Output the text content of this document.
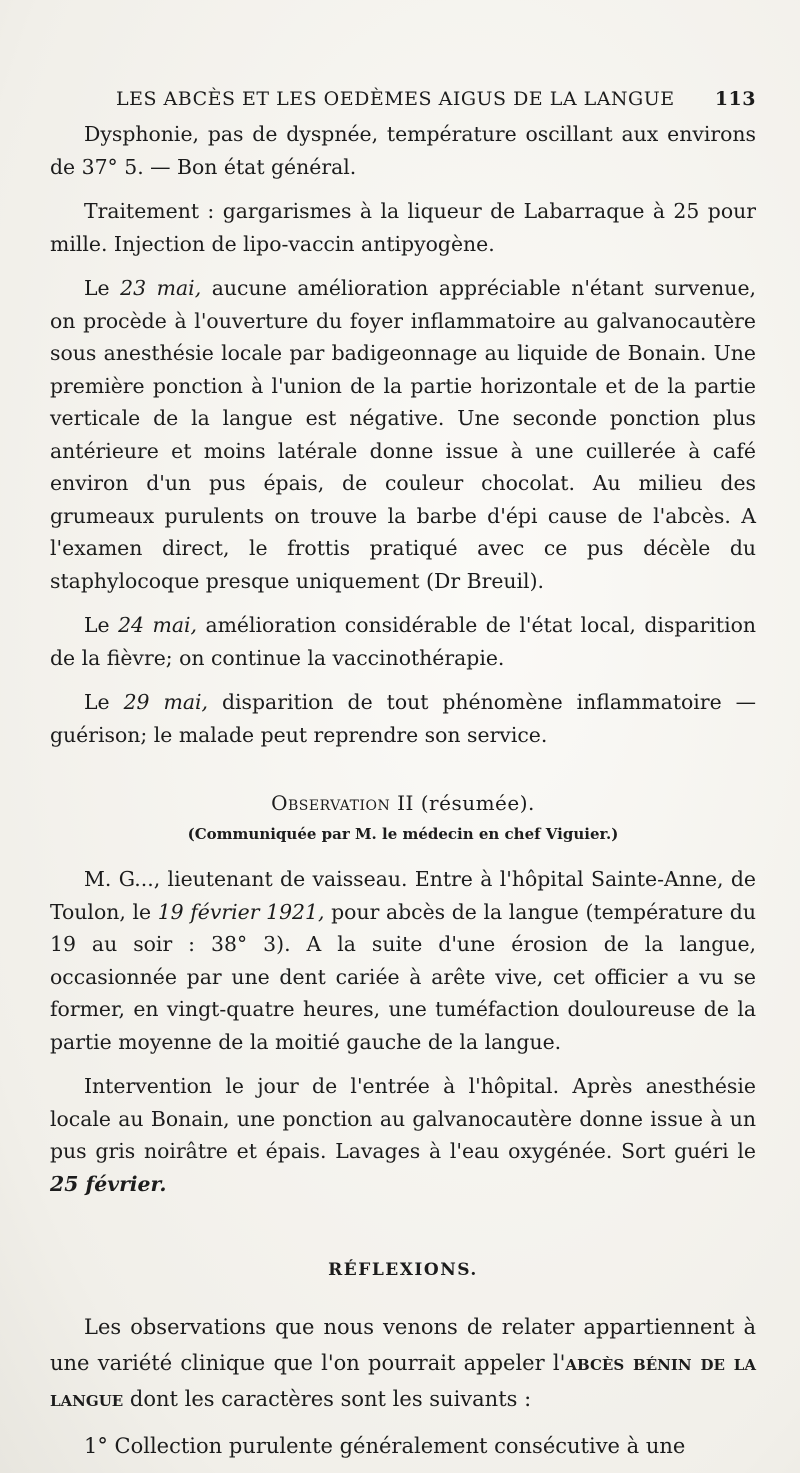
LES ABCÈS ET LES OEDÈMES AIGUS DE LA LANGUE 113

Dysphonie, pas de dyspnée, température oscillant aux environs de 37° 5. — Bon état général.

Traitement : gargarismes à la liqueur de Labarraque à 25 pour mille. Injection de lipo-vaccin antipyogène.

Le 23 mai, aucune amélioration appréciable n'étant survenue, on procède à l'ouverture du foyer inflammatoire au galvanocautère sous anesthésie locale par badigeonnage au liquide de Bonain. Une première ponction à l'union de la partie horizontale et de la partie verticale de la langue est négative. Une seconde ponction plus antérieure et moins latérale donne issue à une cuillerée à café environ d'un pus épais, de couleur chocolat. Au milieu des grumeaux purulents on trouve la barbe d'épi cause de l'abcès. A l'examen direct, le frottis pratiqué avec ce pus décèle du staphylocoque presque uniquement (Dr Breuil).

Le 24 mai, amélioration considérable de l'état local, disparition de la fièvre; on continue la vaccinothérapie.

Le 29 mai, disparition de tout phénomène inflammatoire — guérison; le malade peut reprendre son service.

Observation II (résumée).
(Communiquée par M. le médecin en chef Viguier.)

M. G..., lieutenant de vaisseau. Entre à l'hôpital Sainte-Anne, de Toulon, le 19 février 1921, pour abcès de la langue (température du 19 au soir : 38° 3). A la suite d'une érosion de la langue, occasionnée par une dent cariée à arête vive, cet officier a vu se former, en vingt-quatre heures, une tuméfaction douloureuse de la partie moyenne de la moitié gauche de la langue.

Intervention le jour de l'entrée à l'hôpital. Après anesthésie locale au Bonain, une ponction au galvanocautère donne issue à un pus gris noirâtre et épais. Lavages à l'eau oxygénée. Sort guéri le 25 février.

RÉFLEXIONS.

Les observations que nous venons de relater appartiennent à une variété clinique que l'on pourrait appeler l'abcès bénin de la langue dont les caractères sont les suivants :

1° Collection purulente généralement consécutive à une
